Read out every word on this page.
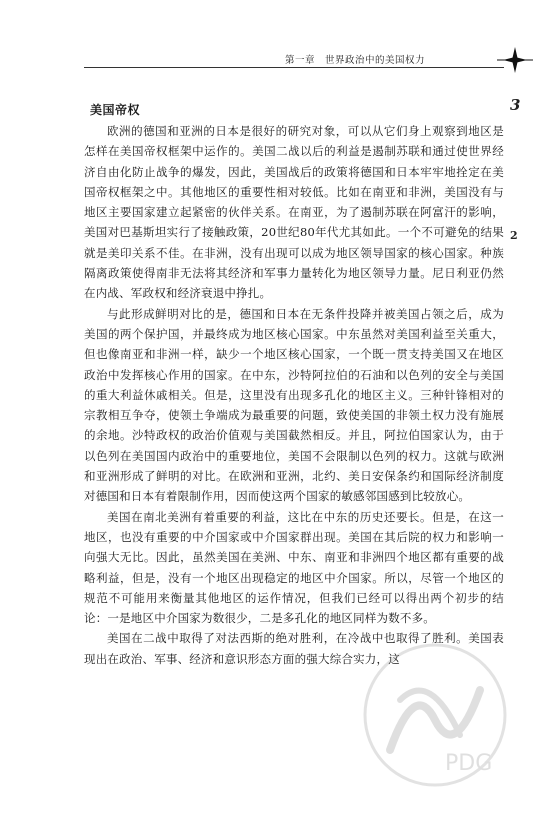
第一章　世界政治中的美国权力
3
2
美国帝权

欧洲的德国和亚洲的日本是很好的研究对象，可以从它们身上观察到地区是怎样在美国帝权框架中运作的。美国二战以后的利益是遏制苏联和通过使世界经济自由化防止战争的爆发，因此，美国战后的政策将德国和日本牢牢地拴定在美国帝权框架之中。其他地区的重要性相对较低。比如在南亚和非洲，美国没有与地区主要国家建立起紧密的伙伴关系。在南亚，为了遏制苏联在阿富汗的影响，美国对巴基斯坦实行了接触政策，20世纪80年代尤其如此。一个不可避免的结果就是美印关系不佳。在非洲，没有出现可以成为地区领导国家的核心国家。种族隔离政策使得南非无法将其经济和军事力量转化为地区领导力量。尼日利亚仍然在内战、军政权和经济衰退中挣扎。

与此形成鲜明对比的是，德国和日本在无条件投降并被美国占领之后，成为美国的两个保护国，并最终成为地区核心国家。中东虽然对美国利益至关重大，但也像南亚和非洲一样，缺少一个地区核心国家，一个既一贯支持美国又在地区政治中发挥核心作用的国家。在中东，沙特阿拉伯的石油和以色列的安全与美国的重大利益休戚相关。但是，这里没有出现多孔化的地区主义。三种针锋相对的宗教相互争夺，使领土争端成为最重要的问题，致使美国的非领土权力没有施展的余地。沙特政权的政治价值观与美国截然相反。并且，阿拉伯国家认为，由于以色列在美国国内政治中的重要地位，美国不会限制以色列的权力。这就与欧洲和亚洲形成了鲜明的对比。在欧洲和亚洲，北约、美日安保条约和国际经济制度对德国和日本有着限制作用，因而使这两个国家的敏感邻国感到比较放心。

美国在南北美洲有着重要的利益，这比在中东的历史还要长。但是，在这一地区，也没有重要的中介国家或中介国家群出现。美国在其后院的权力和影响一向强大无比。因此，虽然美国在美洲、中东、南亚和非洲四个地区都有重要的战略利益，但是，没有一个地区出现稳定的地区中介国家。所以，尽管一个地区的规范不可能用来衡量其他地区的运作情况，但我们已经可以得出两个初步的结论：一是地区中介国家为数很少，二是多孔化的地区同样为数不多。

美国在二战中取得了对法西斯的绝对胜利，在冷战中也取得了胜利。美国表现出在政治、军事、经济和意识形态方面的强大综合实力，这

PDG
